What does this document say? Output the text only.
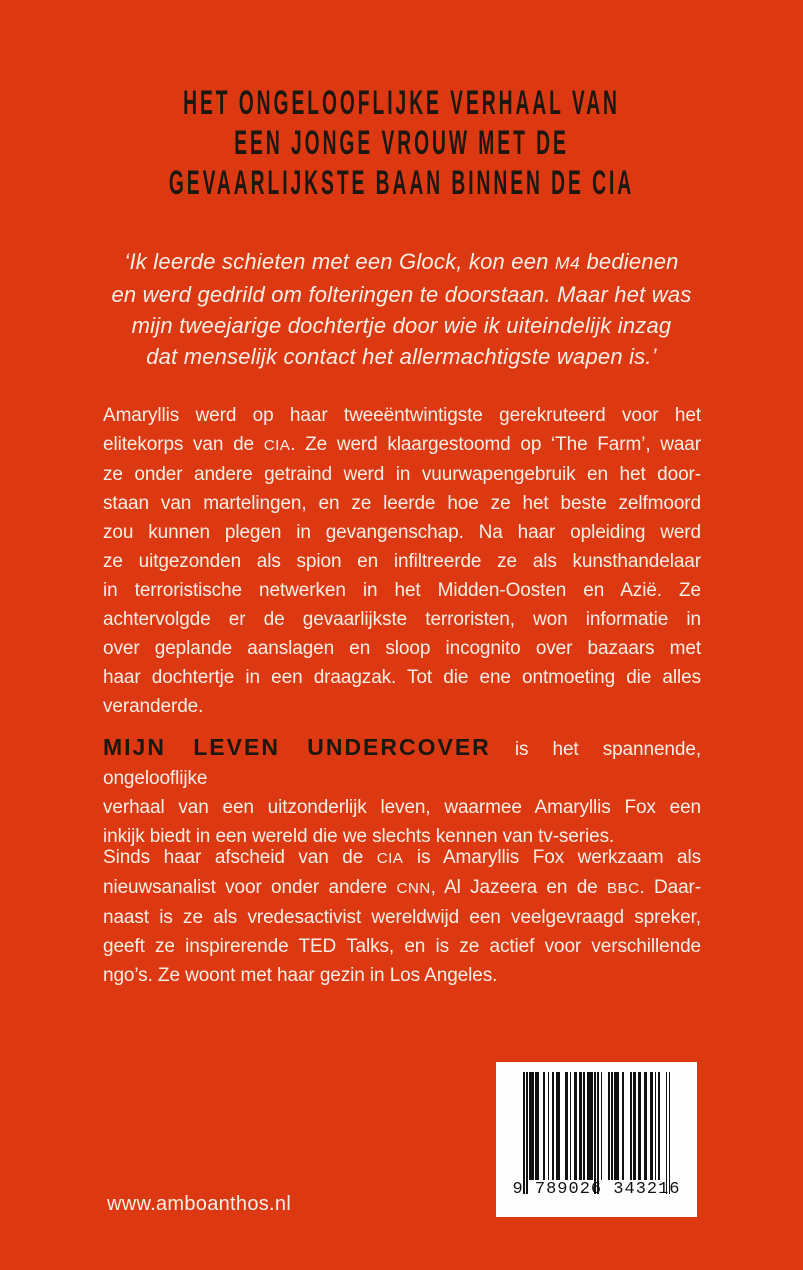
HET ONGELOOFLIJKE VERHAAL VAN
EEN JONGE VROUW MET DE
GEVAARLIJKSTE BAAN BINNEN DE CIA
‘Ik leerde schieten met een Glock, kon een M4 bedienen
en werd gedrild om folteringen te doorstaan. Maar het was
mijn tweejarige dochtertje door wie ik uiteindelijk inzag
dat menselijk contact het allermachtigste wapen is.’
Amaryllis werd op haar tweeëntwintigste gerekruteerd voor het
elitekorps van de CIA. Ze werd klaargestoomd op ‘The Farm’, waar
ze onder andere getraind werd in vuurwapengebruik en het door-
staan van martelingen, en ze leerde hoe ze het beste zelfmoord
zou kunnen plegen in gevangenschap. Na haar opleiding werd
ze uitgezonden als spion en infiltreerde ze als kunsthandelaar
in terroristische netwerken in het Midden-Oosten en Azië. Ze
achtervolgde er de gevaarlijkste terroristen, won informatie in
over geplande aanslagen en sloop incognito over bazaars met
haar dochtertje in een draagzak. Tot die ene ontmoeting die alles
veranderde.
MIJN LEVEN UNDERCOVER is het spannende, ongelooflijke
verhaal van een uitzonderlijk leven, waarmee Amaryllis Fox een
inkijk biedt in een wereld die we slechts kennen van tv-series.
Sinds haar afscheid van de CIA is Amaryllis Fox werkzaam als
nieuwsanalist voor onder andere CNN, Al Jazeera en de BBC. Daar-
naast is ze als vredesactivist wereldwijd een veelgevraagd spreker,
geeft ze inspirerende TED Talks, en is ze actief voor verschillende
ngo’s. Ze woont met haar gezin in Los Angeles.
www.amboanthos.nl
9 789026 343216
